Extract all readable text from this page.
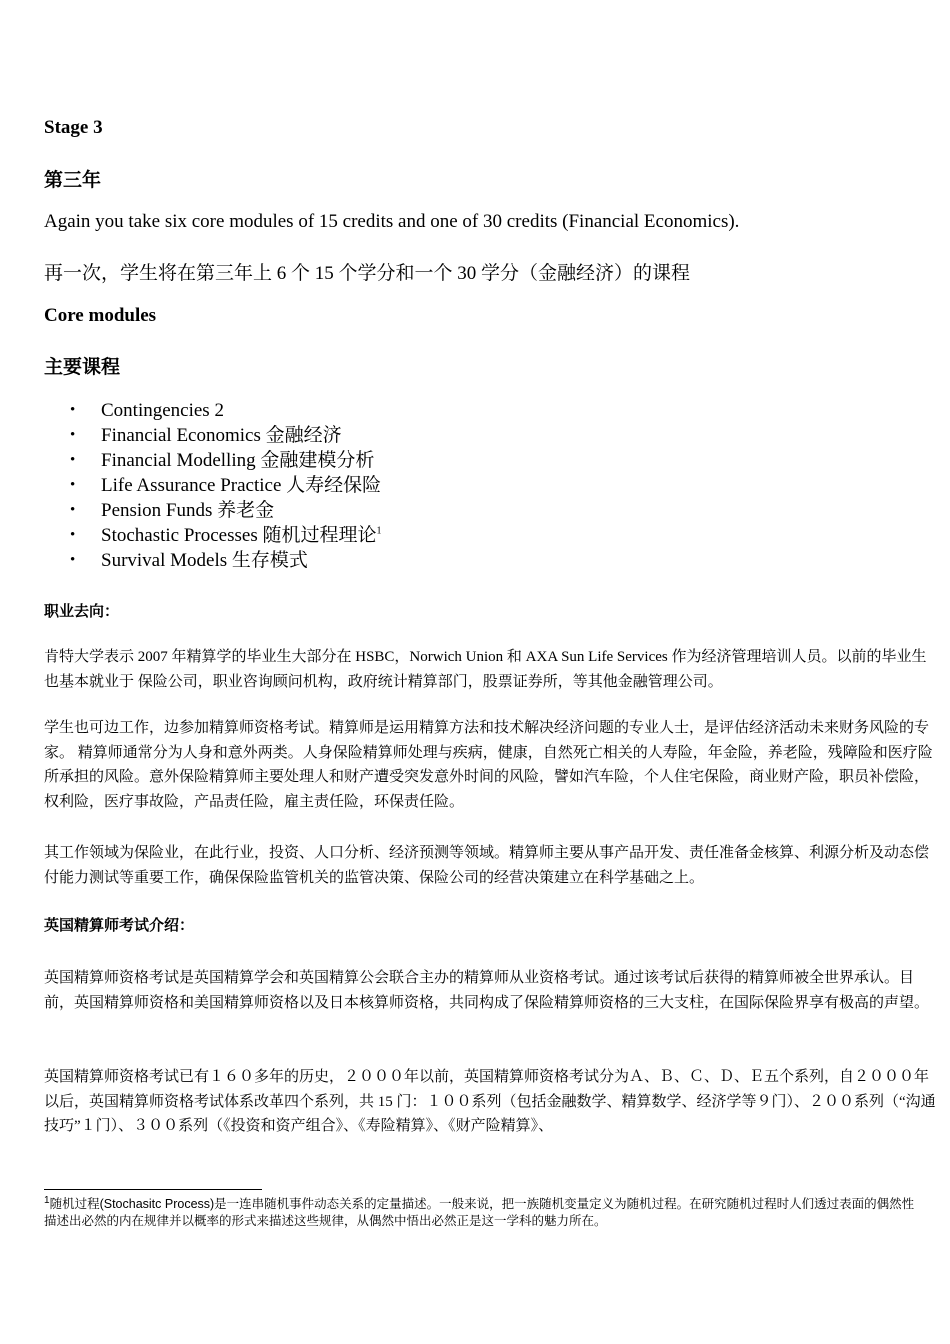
Stage 3
第三年

Again you take six core modules of 15 credits and one of 30 credits (Financial Economics).

再一次，学生将在第三年上 6 个 15 个学分和一个 30 学分（金融经济）的课程

Core modules
主要课程
• Contingencies 2
• Financial Economics 金融经济
• Financial Modelling 金融建模分析
• Life Assurance Practice 人寿经保险
• Pension Funds 养老金
• Stochastic Processes 随机过程理论$^1$
• Survival Models 生存模式
职业去向：

肯特大学表示 2007 年精算学的毕业生大部分在 HSBC，Norwich Union 和 AXA Sun Life Services 作为经济管理培训人员。以前的毕业生也基本就业于 保险公司，职业咨询顾问机构，政府统计精算部门，股票证券所，等其他金融管理公司。

学生也可边工作，边参加精算师资格考试。精算师是运用精算方法和技术解决经济问题的专业人士，是评估经济活动未来财务风险的专家。 精算师通常分为人身和意外两类。人身保险精算师处理与疾病，健康，自然死亡相关的人寿险，年金险，养老险，残障险和医疗险所承担的风险。意外保险精算师主要处理人和财产遭受突发意外时间的风险，譬如汽车险，个人住宅保险，商业财产险，职员补偿险，权利险，医疗事故险，产品责任险，雇主责任险，环保责任险。

其工作领域为保险业，在此行业，投资、人口分析、经济预测等领域。精算师主要从事产品开发、责任准备金核算、利源分析及动态偿付能力测试等重要工作，确保保险监管机关的监管决策、保险公司的经营决策建立在科学基础之上。

英国精算师考试介绍：

英国精算师资格考试是英国精算学会和英国精算公会联合主办的精算师从业资格考试。通过该考试后获得的精算师被全世界承认。目前，英国精算师资格和美国精算师资格以及日本核算师资格，共同构成了保险精算师资格的三大支柱，在国际保险界享有极高的声望。

英国精算师资格考试已有１６０多年的历史，２０００年以前，英国精算师资格考试分为Ａ、Ｂ、Ｃ、Ｄ、Ｅ五个系列，自２０００年以后，英国精算师资格考试体系改革四个系列，共 15 门：１００系列（包括金融数学、精算数学、经济学等９门）、２００系列（“沟通技巧”１门）、３００系列（《投资和资产组合》、《寿险精算》、《财产险精算》、

$^1$随机过程(Stochasitc Process)是一连串随机事件动态关系的定量描述。一般来说，把一族随机变量定义为随机过程。在研究随机过程时人们透过表面的偶然性描述出必然的内在规律并以概率的形式来描述这些规律，从偶然中悟出必然正是这一学科的魅力所在。
